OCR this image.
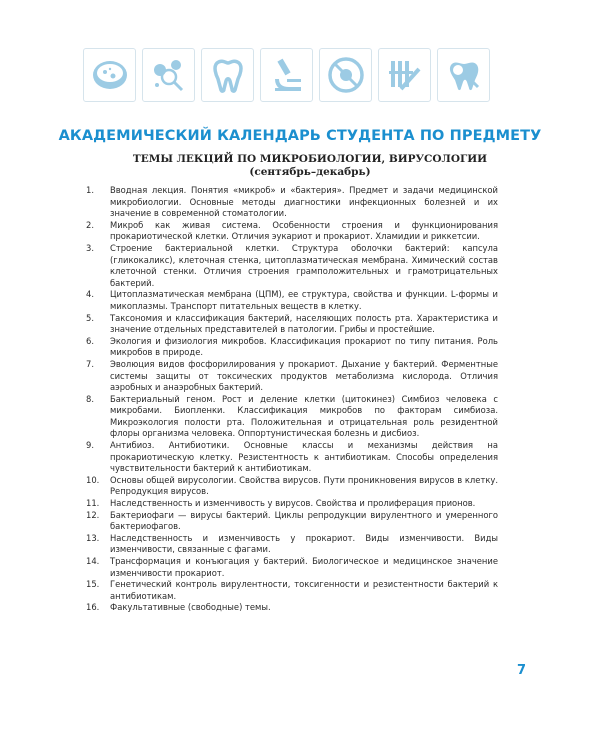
АКАДЕМИЧЕСКИЙ КАЛЕНДАРЬ СТУДЕНТА ПО ПРЕДМЕТУ
ТЕМЫ ЛЕКЦИЙ ПО МИКРОБИОЛОГИИ, ВИРУСОЛОГИИ
(сентябрь–декабрь)
1.	Вводная лекция. Понятия «микроб» и «бактерия». Предмет и задачи медицинской микробиологии. Основные методы диагностики инфекционных болезней и их значение в современной стоматологии.
2.	Микроб как живая система. Особенности строения и функционирования прокариотической клетки. Отличия эукариот и прокариот. Хламидии и риккетсии.
3.	Строение бактериальной клетки. Структура оболочки бактерий: капсула (гликокаликс), клеточная стенка, цитоплазматическая мембрана. Химический состав клеточной стенки. Отличия строения грамположительных и грамотрицательных бактерий.
4.	Цитоплазматическая мембрана (ЦПМ), ее структура, свойства и функции. L-формы и микоплазмы. Транспорт питательных веществ в клетку.
5.	Таксономия и классификация бактерий, населяющих полость рта. Характеристика и значение отдельных представителей в патологии. Грибы и простейшие.
6.	Экология и физиология микробов. Классификация прокариот по типу питания. Роль микробов в природе.
7.	Эволюция видов фосфорилирования у прокариот. Дыхание у бактерий. Ферментные системы защиты от токсических продуктов метаболизма кислорода. Отличия аэробных и анаэробных бактерий.
8.	Бактериальный геном. Рост и деление клетки (цитокинез) Симбиоз человека с микробами. Биопленки. Классификация микробов по факторам симбиоза. Микроэкология полости рта. Положительная и отрицательная роль резидентной флоры организма человека. Оппортунистическая болезнь и дисбиоз.
9.	Антибиоз. Антибиотики. Основные классы и механизмы действия на прокариотическую клетку. Резистентность к антибиотикам. Способы определения чувствительности бактерий к антибиотикам.
10.	Основы общей вирусологии. Свойства вирусов. Пути проникновения вирусов в клетку. Репродукция вирусов.
11.	Наследственность и изменчивость у вирусов. Свойства и пролиферация прионов.
12.	Бактериофаги — вирусы бактерий. Циклы репродукции вирулентного и умеренного бактериофагов.
13.	Наследственность и изменчивость у прокариот. Виды изменчивости. Виды изменчивости, связанные с фагами.
14.	Трансформация и конъюгация у бактерий. Биологическое и медицинское значение изменчивости прокариот.
15.	Генетический контроль вирулентности, токсигенности и резистентности бактерий к антибиотикам.
16.	Факультативные (свободные) темы.
7
